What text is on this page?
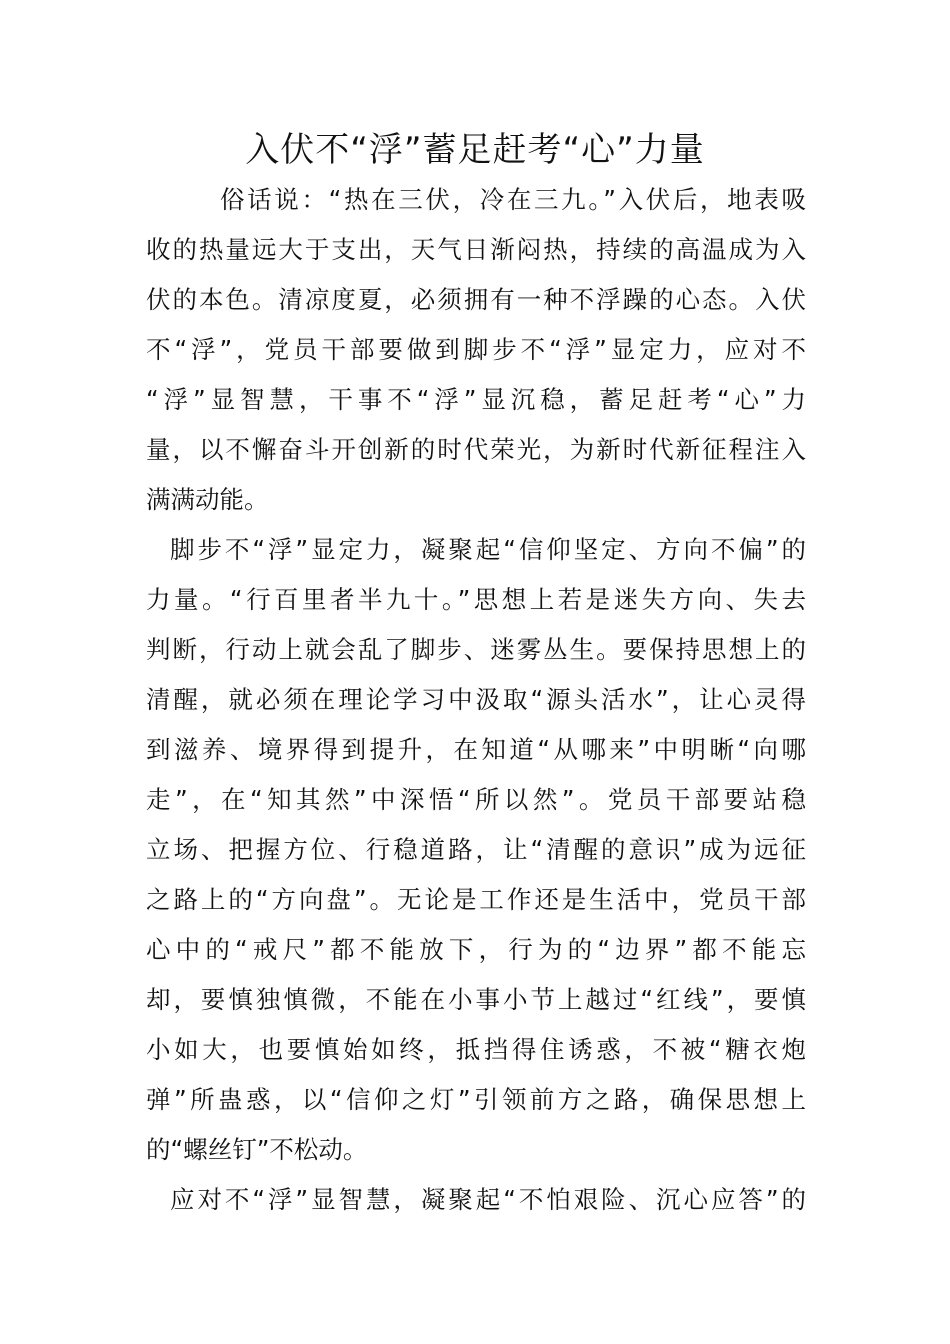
入伏不“浮”蓄足赶考“心”力量
俗话说：“热在三伏，冷在三九。”入伏后，地表吸
收的热量远大于支出，天气日渐闷热，持续的高温成为入
伏的本色。清凉度夏，必须拥有一种不浮躁的心态。入伏
不“浮”，党员干部要做到脚步不“浮”显定力，应对不
“浮”显智慧，干事不“浮”显沉稳，蓄足赶考“心”力
量，以不懈奋斗开创新的时代荣光，为新时代新征程注入
满满动能。
脚步不“浮”显定力，凝聚起“信仰坚定、方向不偏”的
力量。“行百里者半九十。”思想上若是迷失方向、失去
判断，行动上就会乱了脚步、迷雾丛生。要保持思想上的
清醒，就必须在理论学习中汲取“源头活水”，让心灵得
到滋养、境界得到提升，在知道“从哪来”中明晰“向哪
走”，在“知其然”中深悟“所以然”。党员干部要站稳
立场、把握方位、行稳道路，让“清醒的意识”成为远征
之路上的“方向盘”。无论是工作还是生活中，党员干部
心中的“戒尺”都不能放下，行为的“边界”都不能忘
却，要慎独慎微，不能在小事小节上越过“红线”，要慎
小如大，也要慎始如终，抵挡得住诱惑，不被“糖衣炮
弹”所蛊惑，以“信仰之灯”引领前方之路，确保思想上
的“螺丝钉”不松动。
应对不“浮”显智慧，凝聚起“不怕艰险、沉心应答”的
